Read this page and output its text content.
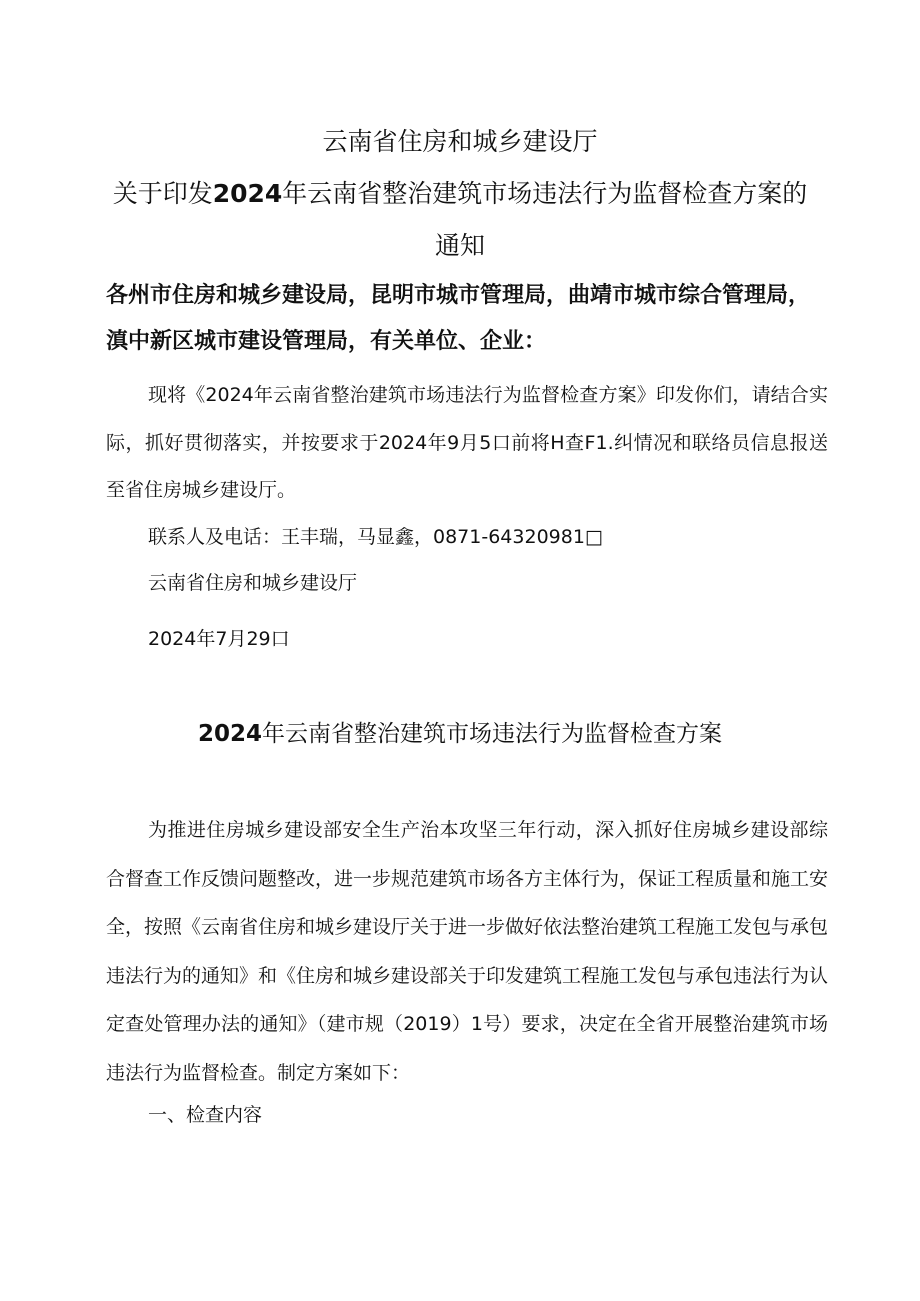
云南省住房和城乡建设厅
关于印发2024年云南省整治建筑市场违法行为监督检查方案的
通知
各州市住房和城乡建设局，昆明市城市管理局，曲靖市城市综合管理局，滇中新区城市建设管理局，有关单位、企业：
现将《2024年云南省整治建筑市场违法行为监督检查方案》印发你们，请结合实际，抓好贯彻落实，并按要求于2024年9月5口前将H查F1.纠情况和联络员信息报送至省住房城乡建设厅。
联系人及电话：王丰瑞，马显鑫，0871-64320981□
云南省住房和城乡建设厅
2024年7月29口
2024年云南省整治建筑市场违法行为监督检查方案
为推进住房城乡建设部安全生产治本攻坚三年行动，深入抓好住房城乡建设部综合督查工作反馈问题整改，进一步规范建筑市场各方主体行为，保证工程质量和施工安全，按照《云南省住房和城乡建设厅关于进一步做好依法整治建筑工程施工发包与承包违法行为的通知》和《住房和城乡建设部关于印发建筑工程施工发包与承包违法行为认定查处管理办法的通知》（建市规（2019）1号）要求，决定在全省开展整治建筑市场违法行为监督检查。制定方案如下：
一、检查内容
